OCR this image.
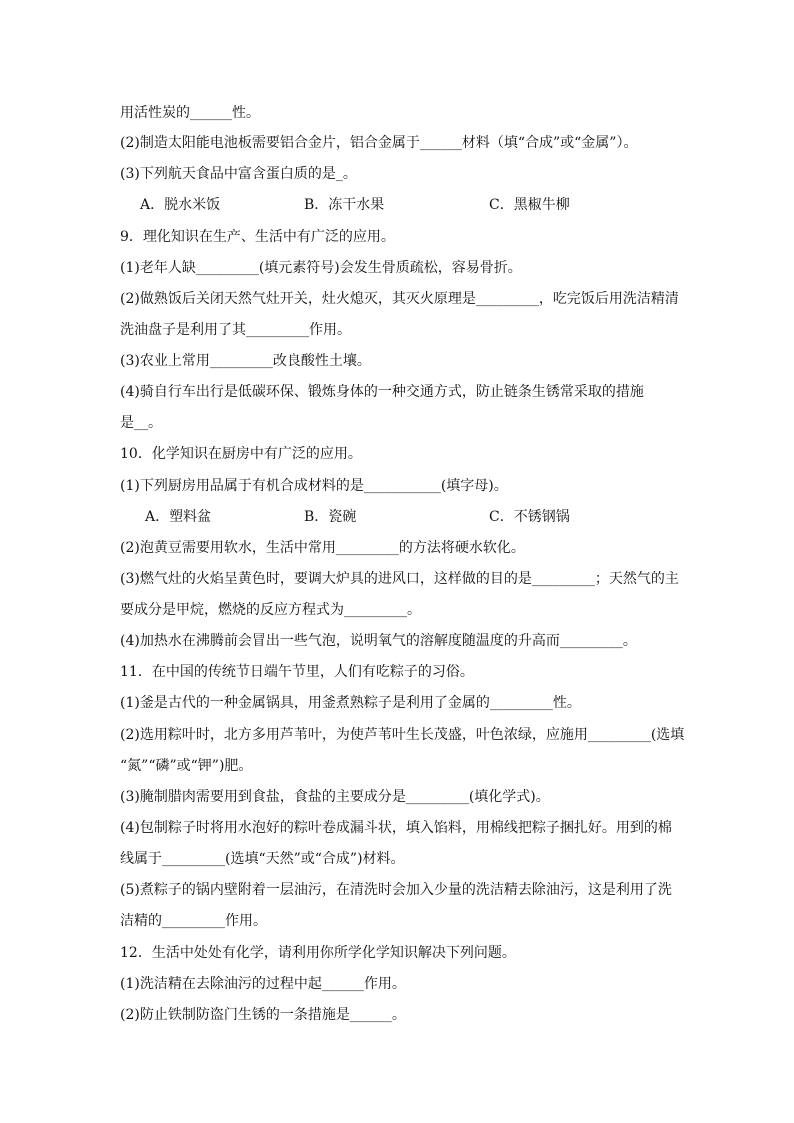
用活性炭的______性。
(2)制造太阳能电池板需要铝合金片，铝合金属于______材料（填“合成”或“金属”）。
(3)下列航天食品中富含蛋白质的是_。
A．脱水米饭	B．冻干水果	C．黑椒牛柳
9．理化知识在生产、生活中有广泛的应用。
(1)老年人缺_________(填元素符号)会发生骨质疏松，容易骨折。
(2)做熟饭后关闭天然气灶开关，灶火熄灭，其灭火原理是_________，吃完饭后用洗洁精清
洗油盘子是利用了其_________作用。
(3)农业上常用_________改良酸性土壤。
(4)骑自行车出行是低碳环保、锻炼身体的一种交通方式，防止链条生锈常采取的措施
是__。
10．化学知识在厨房中有广泛的应用。
(1)下列厨房用品属于有机合成材料的是___________(填字母)。
A．塑料盆	B．瓷碗	C．不锈钢锅
(2)泡黄豆需要用软水，生活中常用_________的方法将硬水软化。
(3)燃气灶的火焰呈黄色时，要调大炉具的进风口，这样做的目的是_________；天然气的主
要成分是甲烷，燃烧的反应方程式为_________。
(4)加热水在沸腾前会冒出一些气泡，说明氧气的溶解度随温度的升高而_________。
11．在中国的传统节日端午节里，人们有吃粽子的习俗。
(1)釜是古代的一种金属锅具，用釜煮熟粽子是利用了金属的_________性。
(2)选用粽叶时，北方多用芦苇叶，为使芦苇叶生长茂盛，叶色浓绿，应施用_________(选填
“氮”“磷”或“钾”)肥。
(3)腌制腊肉需要用到食盐，食盐的主要成分是_________(填化学式)。
(4)包制粽子时将用水泡好的粽叶卷成漏斗状，填入馅料，用棉线把粽子捆扎好。用到的棉
线属于_________(选填“天然”或“合成”)材料。
(5)煮粽子的锅内壁附着一层油污，在清洗时会加入少量的洗洁精去除油污，这是利用了洗
洁精的_________作用。
12．生活中处处有化学，请利用你所学化学知识解决下列问题。
(1)洗洁精在去除油污的过程中起______作用。
(2)防止铁制防盗门生锈的一条措施是______。
